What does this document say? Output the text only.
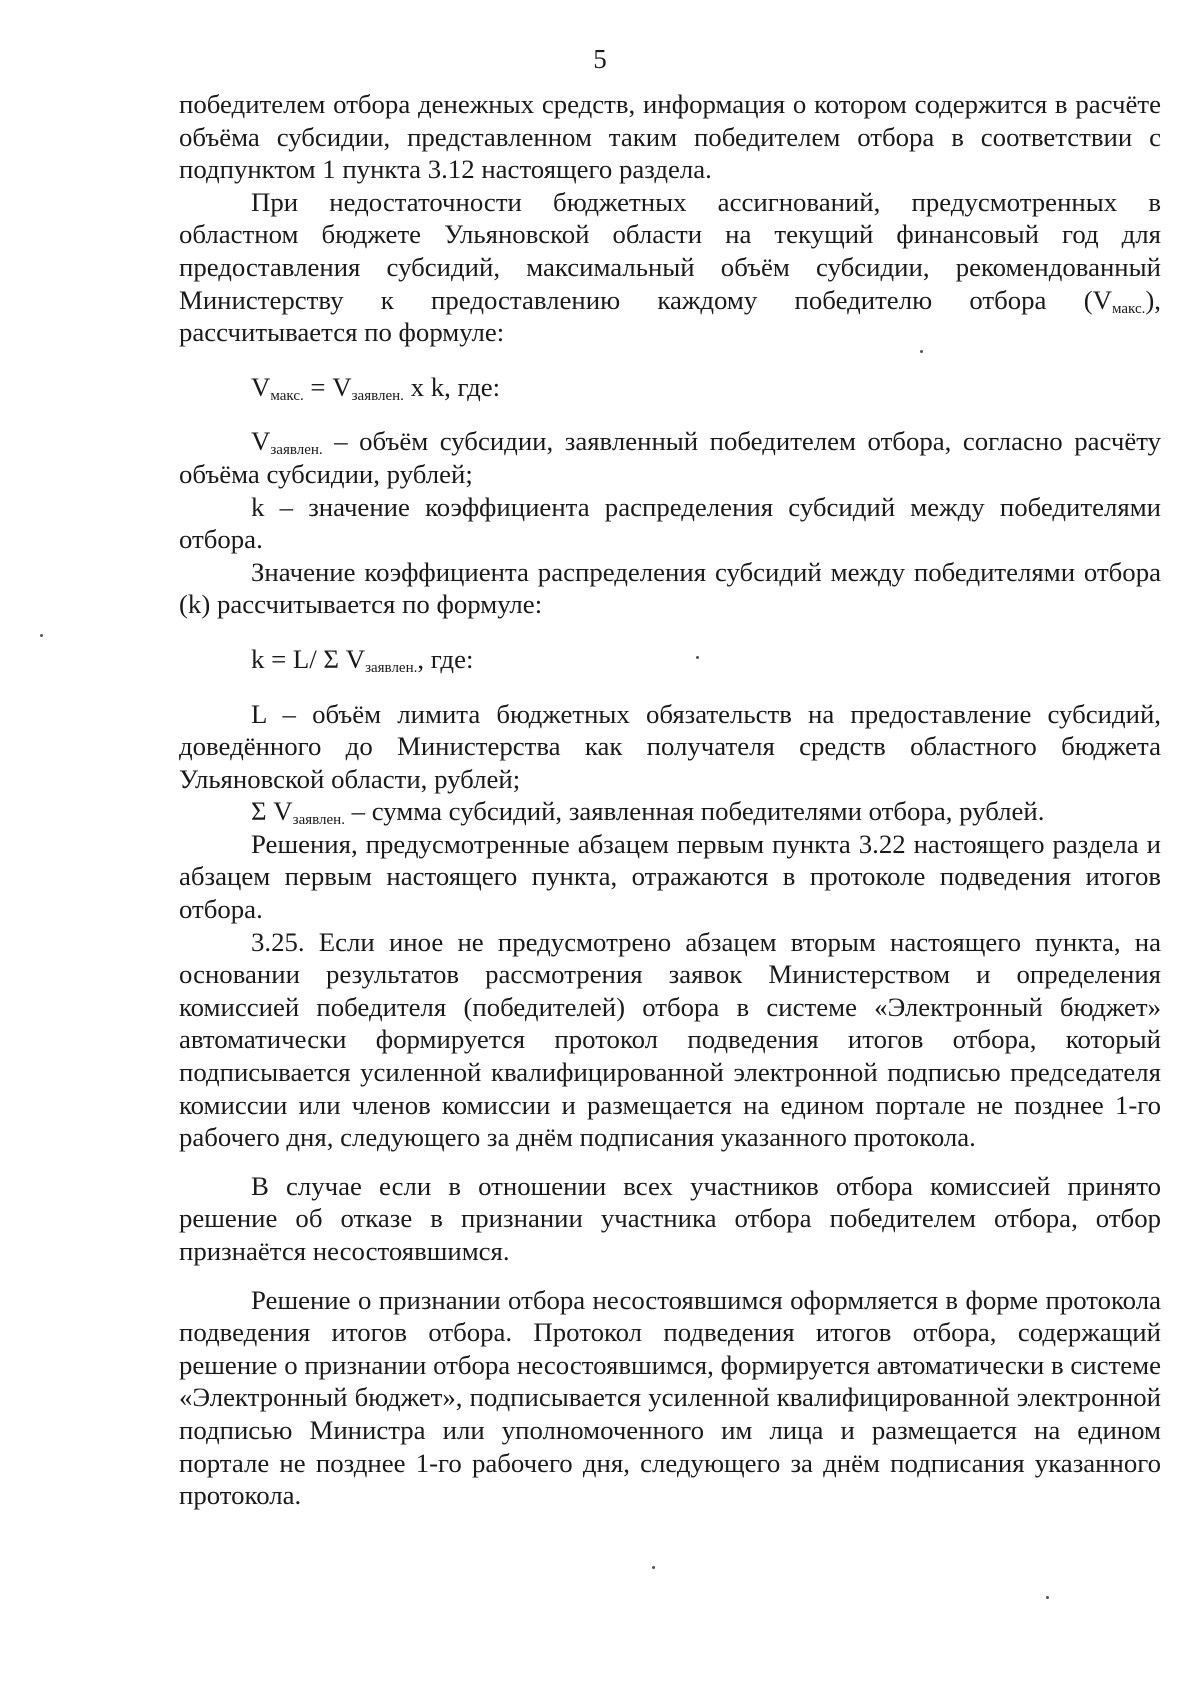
5

победителем отбора денежных средств, информация о котором содержится в расчёте объёма субсидии, представленном таким победителем отбора в соответствии с подпунктом 1 пункта 3.12 настоящего раздела.

При недостаточности бюджетных ассигнований, предусмотренных в областном бюджете Ульяновской области на текущий финансовый год для предоставления субсидий, максимальный объём субсидии, рекомендованный Министерству к предоставлению каждому победителю отбора $(V_{макс.})$, рассчитывается по формуле:

$V_{макс.} = V_{заявлен.}$ x k, где:

$V_{заявлен.}$ – объём субсидии, заявленный победителем отбора, согласно расчёту объёма субсидии, рублей;

k – значение коэффициента распределения субсидий между победителями отбора.

Значение коэффициента распределения субсидий между победителями отбора (k) рассчитывается по формуле:

k = L/ Σ $V_{заявлен.}$, где:

L – объём лимита бюджетных обязательств на предоставление субсидий, доведённого до Министерства как получателя средств областного бюджета Ульяновской области, рублей;

Σ $V_{заявлен.}$ – сумма субсидий, заявленная победителями отбора, рублей.

Решения, предусмотренные абзацем первым пункта 3.22 настоящего раздела и абзацем первым настоящего пункта, отражаются в протоколе подведения итогов отбора.

3.25. Если иное не предусмотрено абзацем вторым настоящего пункта, на основании результатов рассмотрения заявок Министерством и определения комиссией победителя (победителей) отбора в системе «Электронный бюджет» автоматически формируется протокол подведения итогов отбора, который подписывается усиленной квалифицированной электронной подписью председателя комиссии или членов комиссии и размещается на едином портале не позднее 1-го рабочего дня, следующего за днём подписания указанного протокола.

В случае если в отношении всех участников отбора комиссией принято решение об отказе в признании участника отбора победителем отбора, отбор признаётся несостоявшимся.

Решение о признании отбора несостоявшимся оформляется в форме протокола подведения итогов отбора. Протокол подведения итогов отбора, содержащий решение о признании отбора несостоявшимся, формируется автоматически в системе «Электронный бюджет», подписывается усиленной квалифицированной электронной подписью Министра или уполномоченного им лица и размещается на едином портале не позднее 1-го рабочего дня, следующего за днём подписания указанного протокола.
